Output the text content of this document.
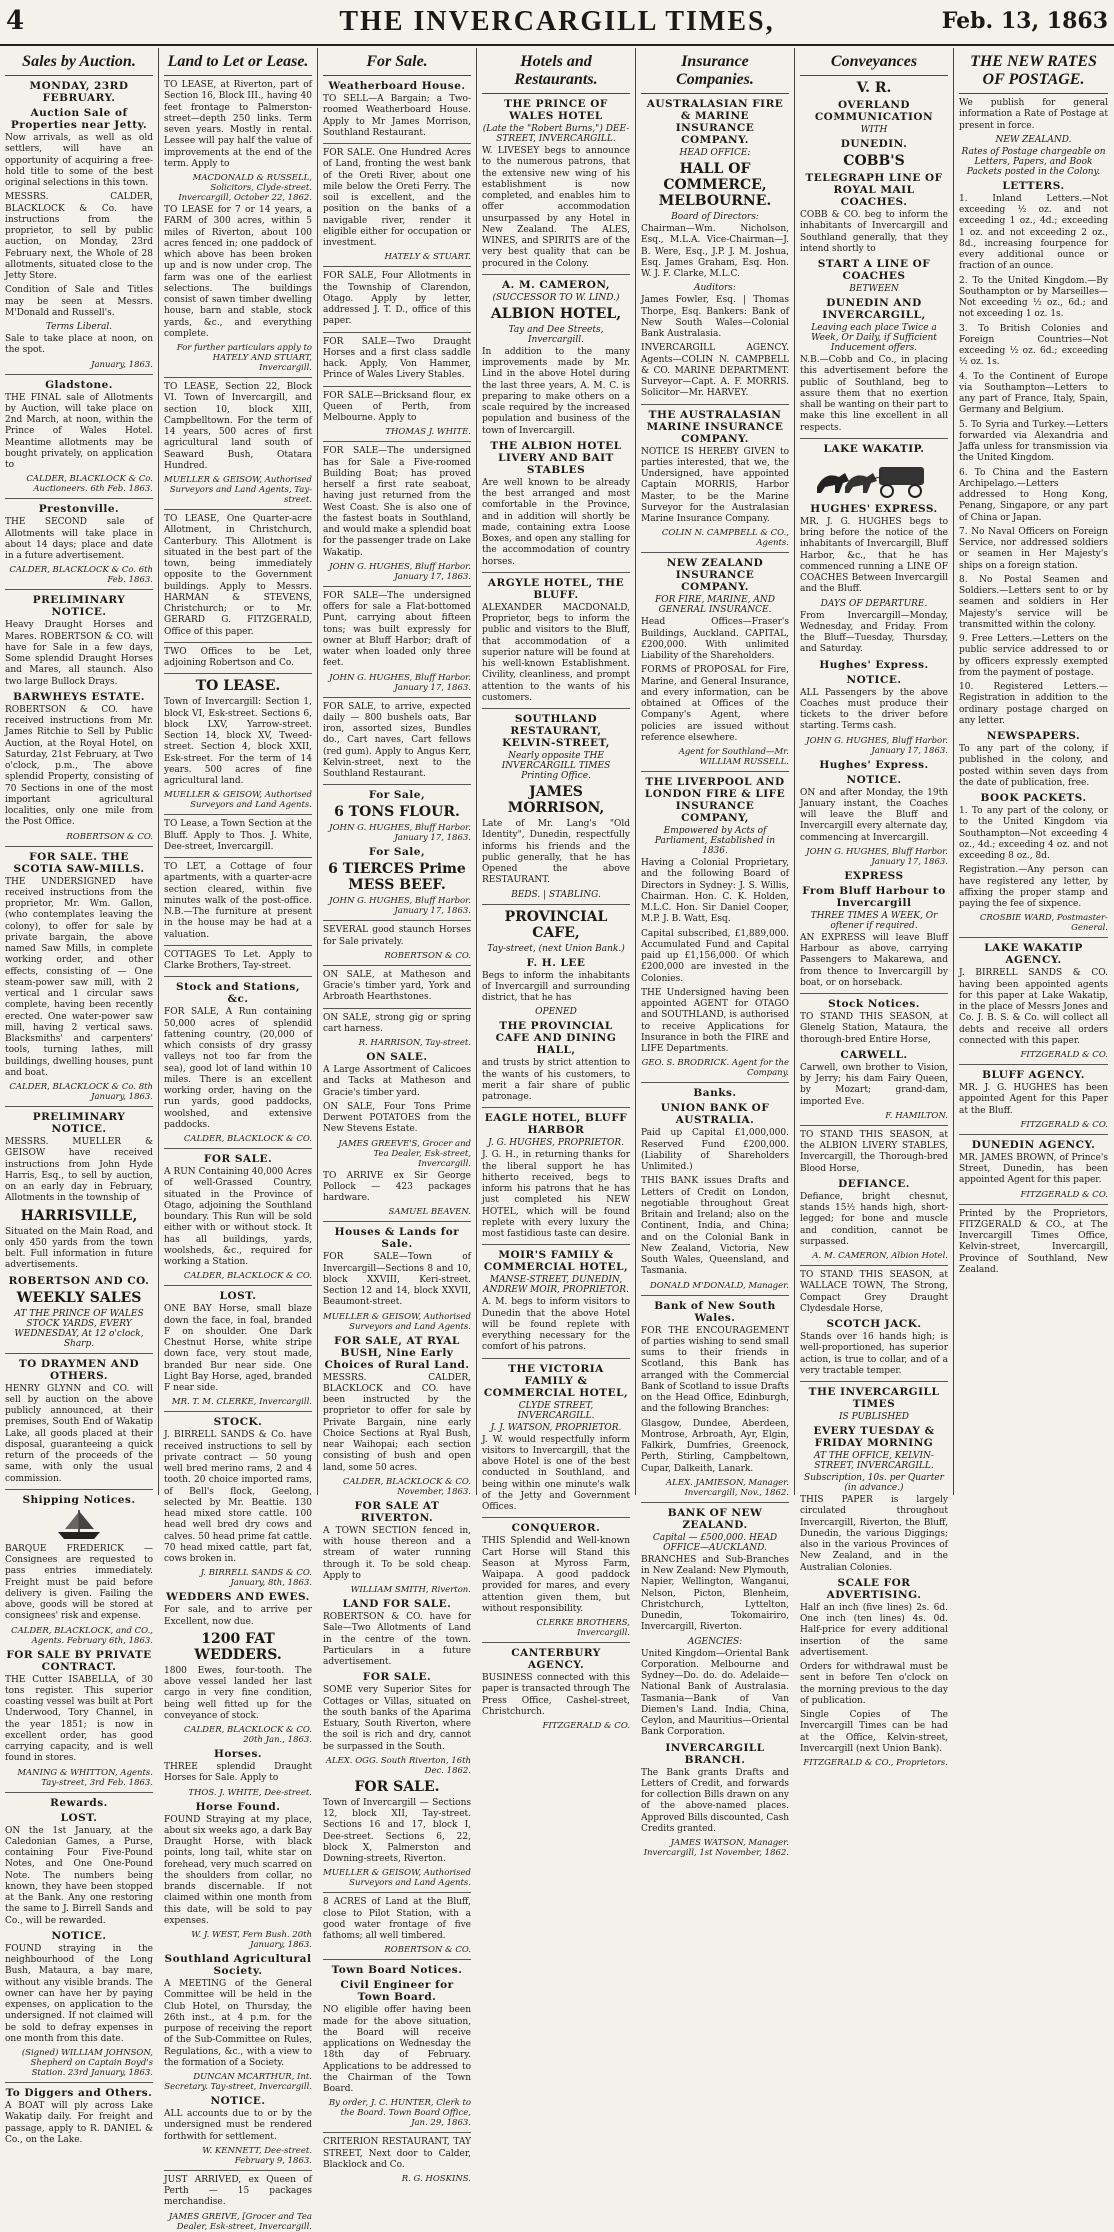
4	THE INVERCARGILL TIMES,	Feb. 13, 1863
Sales by Auction.
MONDAY, 23RD FEBRUARY.
Auction Sale of Properties near Jetty.
Now arrivals, as well as old settlers, will have an opportunity of acquiring a free-hold title to some of the best original selections in this town.
MESSRS. CALDER, BLACKLOCK & Co. have instructions from the proprietor, to sell by public auction, on Monday, 23rd February next, the Whole of 28 allotments, situated close to the Jetty Store.
Condition of Sale and Titles may be seen at Messrs. M'Donald and Russell's.
Terms Liberal.
Sale to take place at noon, on the spot.
January, 1863.
Gladstone.
THE FINAL sale of Allotments by Auction, will take place on 2nd March, at noon, within the Prince of Wales Hotel. Meantime allotments may be bought privately, on application to
CALDER, BLACKLOCK & Co. Auctioneers. 6th Feb. 1863.
Prestonville.
THE SECOND sale of Allotments will take place in about 14 days; place and date in a future advertisement.
CALDER, BLACKLOCK & Co. 6th Feb. 1863.
PRELIMINARY NOTICE.
Heavy Draught Horses and Mares. ROBERTSON & CO. will have for Sale in a few days, Some splendid Draught Horses and Mares, all staunch. Also two large Bullock Drays.
BARWHEYS ESTATE.
ROBERTSON & CO. have received instructions from Mr. James Ritchie to Sell by Public Auction, at the Royal Hotel, on Saturday, 21st February, at Two o'clock, p.m., The above splendid Property, consisting of 70 Sections in one of the most important agricultural localities, only one mile from the Post Office.
ROBERTSON & CO.
FOR SALE. THE SCOTIA SAW-MILLS.
THE UNDERSIGNED have received instructions from the proprietor, Mr. Wm. Gallon, (who contemplates leaving the colony), to offer for sale by private bargain, the above named Saw Mills, in complete working order, and other effects, consisting of — One steam-power saw mill, with 2 vertical and 1 circular saws complete, having been recently erected. One water-power saw mill, having 2 vertical saws. Blacksmiths' and carpenters' tools, turning lathes, mill buildings, dwelling houses, punt and boat.
CALDER, BLACKLOCK & Co. 8th January, 1863.
PRELIMINARY NOTICE.
MESSRS. MUELLER & GEISOW have received instructions from John Hyde Harris, Esq., to sell by auction, on an early day in February, Allotments in the township of
HARRISVILLE,
Situated on the Main Road, and only 450 yards from the town belt. Full information in future advertisements.
ROBERTSON AND CO.
WEEKLY SALES
AT THE PRINCE OF WALES STOCK YARDS, EVERY WEDNESDAY, At 12 o'clock, Sharp.
TO DRAYMEN AND OTHERS.
HENRY GLYNN and CO. will sell by auction on the above publicly announced, at their premises, South End of Wakatip Lake, all goods placed at their disposal, guaranteeing a quick return of the proceeds of the same, with only the usual commission.
Shipping Notices.
BARQUE FREDERICK — Consignees are requested to pass entries immediately. Freight must be paid before delivery is given. Failing the above, goods will be stored at consignees' risk and expense.
CALDER, BLACKLOCK, and CO., Agents. February 6th, 1863.
FOR SALE BY PRIVATE CONTRACT.
THE Cutter ISABELLA, of 30 tons register. This superior coasting vessel was built at Port Underwood, Tory Channel, in the year 1851; is now in excellent order, has good carrying capacity, and is well found in stores.
MANING & WHITTON, Agents. Tay-street, 3rd Feb. 1863.
Rewards.
LOST.
ON the 1st January, at the Caledonian Games, a Purse, containing Four Five-Pound Notes, and One One-Pound Note. The numbers being known, they have been stopped at the Bank. Any one restoring the same to J. Birrell Sands and Co., will be rewarded.
NOTICE.
FOUND straying in the neighbourhood of the Long Bush, Mataura, a bay mare, without any visible brands. The owner can have her by paying expenses, on application to the undersigned. If not claimed will be sold to defray expenses in one month from this date.
(Signed) WILLIAM JOHNSON, Shepherd on Captain Boyd's Station. 23rd January, 1863.
To Diggers and Others.
A BOAT will ply across Lake Wakatip daily. For freight and passage, apply to R. DANIEL & Co., on the Lake.
Land to Let or Lease.
TO LEASE, at Riverton, part of Section 16, Block III., having 40 feet frontage to Palmerston-street—depth 250 links. Term seven years. Mostly in rental. Lessee will pay half the value of improvements at the end of the term. Apply to
MACDONALD & RUSSELL, Solicitors, Clyde-street. Invercargill, October 22, 1862.
TO LEASE for 7 or 14 years, a FARM of 300 acres, within 5 miles of Riverton, about 100 acres fenced in; one paddock of which above has been broken up and is now under crop. The farm was one of the earliest selections. The buildings consist of sawn timber dwelling house, barn and stable, stock yards, &c., and everything complete.
For further particulars apply to HATELY AND STUART, Invercargill.
TO LEASE, Section 22, Block VI. Town of Invercargill, and section 10, block XIII, Campbelltown. For the term of 14 years, 500 acres of first agricultural land south of Seaward Bush, Otatara Hundred.
MUELLER & GEISOW, Authorised Surveyors and Land Agents, Tay-street.
TO LEASE, One Quarter-acre Allotment, in Christchurch, Canterbury. This Allotment is situated in the best part of the town, being immediately opposite to the Government buildings. Apply to Messrs. HARMAN & STEVENS, Christchurch; or to Mr. GERARD G. FITZGERALD, Office of this paper.
TWO Offices to be Let, adjoining Robertson and Co.
TO LEASE.
Town of Invercargill: Section 1, block VI, Esk-street. Sections 6, block LXV, Yarrow-street. Section 14, block XV, Tweed-street. Section 4, block XXII, Esk-street. For the term of 14 years. 500 acres of fine agricultural land.
MUELLER & GEISOW, Authorised Surveyors and Land Agents.
TO Lease, a Town Section at the Bluff. Apply to Thos. J. White, Dee-street, Invercargill.
TO LET, a Cottage of four apartments, with a quarter-acre section cleared, within five minutes walk of the post-office. N.B.—The furniture at present in the house may be had at a valuation.
COTTAGES To Let. Apply to Clarke Brothers, Tay-street.
Stock and Stations, &c.
FOR SALE, A Run containing 50,000 acres of splendid fattening country, (20,000 of which consists of dry grassy valleys not too far from the sea), good lot of land within 10 miles. There is an excellent working order, having on the run yards, good paddocks, woolshed, and extensive paddocks.
CALDER, BLACKLOCK & CO.
FOR SALE.
A RUN Containing 40,000 Acres of well-Grassed Country, situated in the Province of Otago, adjoining the Southland boundary. This Run will be sold either with or without stock. It has all buildings, yards, woolsheds, &c., required for working a Station.
CALDER, BLACKLOCK & CO.
LOST.
ONE BAY Horse, small blaze down the face, in foal, branded F on shoulder. One Dark Chestnut Horse, white stripe down face, very stout made, branded Bur near side. One Light Bay Horse, aged, branded F near side.
MR. T. M. CLERKE, Invercargill.
STOCK.
J. BIRRELL SANDS & Co. have received instructions to sell by private contract — 50 young well bred merino rams, 2 and 4 tooth. 20 choice imported rams, of Bell's flock, Geelong, selected by Mr. Beattie. 130 head mixed store cattle. 100 head well bred dry cows and calves. 50 head prime fat cattle. 70 head mixed cattle, part fat, cows broken in.
J. BIRRELL SANDS & CO. January, 8th, 1863.
WEDDERS AND EWES.
For sale, and to arrive per Excellent, now due.
1200 FAT WEDDERS.
1800 Ewes, four-tooth. The above vessel landed her last cargo in very fine condition, being well fitted up for the conveyance of stock.
CALDER, BLACKLOCK & CO. 20th Jan., 1863.
Horses.
THREE splendid Draught Horses for Sale. Apply to
THOS. J. WHITE, Dee-street.
Horse Found.
FOUND Straying at my place, about six weeks ago, a dark Bay Draught Horse, with black points, long tail, white star on forehead, very much scarred on the shoulders from collar, no brands discernable. If not claimed within one month from this date, will be sold to pay expenses.
W. J. WEST, Fern Bush. 20th January, 1863.
Southland Agricultural Society.
A MEETING of the General Committee will be held in the Club Hotel, on Thursday, the 26th inst., at 4 p.m. for the purpose of receiving the report of the Sub-Committee on Rules, Regulations, &c., with a view to the formation of a Society.
DUNCAN MCARTHUR, Int. Secretary. Tay-street, Invercargill.
NOTICE.
ALL accounts due to or by the undersigned must be rendered forthwith for settlement.
W. KENNETT, Dee-street. February 9, 1863.
JUST ARRIVED, ex Queen of Perth — 15 packages merchandise.
JAMES GREIVE, [Grocer and Tea Dealer, Esk-street, Invercargill.
For Sale.
Weatherboard House.
TO SELL—A Bargain; a Two-roomed Weatherboard House. Apply to Mr James Morrison, Southland Restaurant.
FOR SALE. One Hundred Acres of Land, fronting the west bank of the Oreti River, about one mile below the Oreti Ferry. The soil is excellent, and the position on the banks of a navigable river, render it eligible either for occupation or investment.
HATELY & STUART.
FOR SALE, Four Allotments in the Township of Clarendon, Otago. Apply by letter, addressed J. T. D., office of this paper.
FOR SALE—Two Draught Horses and a first class saddle hack. Apply, Von Hammer, Prince of Wales Livery Stables.
FOR SALE—Bricksand flour, ex Queen of Perth, from Melbourne. Apply to
THOMAS J. WHITE.
FOR SALE—The undersigned has for Sale a Five-roomed Building Boat; has proved herself a first rate seaboat, having just returned from the West Coast. She is also one of the fastest boats in Southland, and would make a splendid boat for the passenger trade on Lake Wakatip.
JOHN G. HUGHES, Bluff Harbor. January 17, 1863.
FOR SALE—The undersigned offers for sale a Flat-bottomed Punt, carrying about fifteen tons; was built expressly for owner at Bluff Harbor; draft of water when loaded only three feet.
JOHN G. HUGHES, Bluff Harbor. January 17, 1863.
FOR SALE, to arrive, expected daily — 800 bushels oats, Bar iron, assorted sizes, Bundles do., Cart naves, Cart fellows (red gum). Apply to Angus Kerr, Kelvin-street, next to the Southland Restaurant.
For Sale,
6 TONS FLOUR.
JOHN G. HUGHES, Bluff Harbor. January 17, 1863.
For Sale,
6 TIERCES Prime MESS BEEF.
JOHN G. HUGHES, Bluff Harbor. January 17, 1863.
SEVERAL good staunch Horses for Sale privately.
ROBERTSON & CO.
ON SALE, at Matheson and Gracie's timber yard, York and Arbroath Hearthstones.
ON SALE, strong gig or spring cart harness.
R. HARRISON, Tay-street.
ON SALE.
A Large Assortment of Calicoes and Tacks at Matheson and Gracie's timber yard.
ON SALE, Four Tons Prime Derwent POTATOES from the New Stevens Estate.
JAMES GREEVE'S, Grocer and Tea Dealer, Esk-street, Invercargill.
TO ARRIVE ex Sir George Pollock — 423 packages hardware.
SAMUEL BEAVEN.
Houses & Lands for Sale.
FOR SALE—Town of Invercargill—Sections 8 and 10, block XXVIII, Keri-street. Section 12 and 14, block XXVII, Beaumont-street.
MUELLER & GEISOW, Authorised Surveyors and Land Agents.
FOR SALE, AT RYAL BUSH, Nine Early Choices of Rural Land.
MESSRS. CALDER, BLACKLOCK and CO. have been instructed by the proprietor to offer for sale by Private Bargain, nine early Choice Sections at Ryal Bush, near Waihopai; each section consisting of bush and open land, some 50 acres.
CALDER, BLACKLOCK & CO. November, 1863.
FOR SALE AT RIVERTON.
A TOWN SECTION fenced in, with house thereon and a stream of water running through it. To be sold cheap. Apply to
WILLIAM SMITH, Riverton.
LAND FOR SALE.
ROBERTSON & CO. have for Sale—Two Allotments of Land in the centre of the town. Particulars in a future advertisement.
FOR SALE.
SOME very Superior Sites for Cottages or Villas, situated on the south banks of the Aparima Estuary, South Riverton, where the soil is rich and dry, cannot be surpassed in the South.
ALEX. OGG. South Riverton, 16th Dec. 1862.
FOR SALE.
Town of Invercargill — Sections 12, block XII, Tay-street. Sections 16 and 17, block I, Dee-street. Sections 6, 22, block X, Palmerston and Downing-streets, Riverton.
MUELLER & GEISOW, Authorised Surveyors and Land Agents.
8 ACRES of Land at the Bluff, close to Pilot Station, with a good water frontage of five fathoms; all well timbered.
ROBERTSON & CO.
Town Board Notices.
Civil Engineer for Town Board.
NO eligible offer having been made for the above situation, the Board will receive applications on Wednesday the 18th day of February. Applications to be addressed to the Chairman of the Town Board.
By order, J. C. HUNTER, Clerk to the Board. Town Board Office, Jan. 29, 1863.
CRITERION RESTAURANT, TAY STREET, Next door to Calder, Blacklock and Co.
R. G. HOSKINS.
Hotels and Restaurants.
THE PRINCE OF WALES HOTEL
(Late the "Robert Burns,") DEE-STREET, INVERCARGILL.
W. LIVESEY begs to announce to the numerous patrons, that the extensive new wing of his establishment is now completed, and enables him to offer accommodation unsurpassed by any Hotel in New Zealand. The ALES, WINES, and SPIRITS are of the very best quality that can be procured in the Colony.
A. M. CAMERON,
(SUCCESSOR TO W. LIND.)
ALBION HOTEL,
Tay and Dee Streets, Invercargill.
In addition to the many improvements made by Mr. Lind in the above Hotel during the last three years, A. M. C. is preparing to make others on a scale required by the increased population and business of the town of Invercargill.
THE ALBION HOTEL LIVERY AND BAIT STABLES
Are well known to be already the best arranged and most comfortable in the Province, and in addition will shortly be made, containing extra Loose Boxes, and open any stalling for the accommodation of country horses.
ARGYLE HOTEL, THE BLUFF.
ALEXANDER MACDONALD, Proprietor, begs to inform the public and visitors to the Bluff, that accommodation of a superior nature will be found at his well-known Establishment. Civility, cleanliness, and prompt attention to the wants of his customers.
SOUTHLAND RESTAURANT, KELVIN-STREET,
Nearly opposite THE INVERCARGILL TIMES Printing Office.
JAMES MORRISON,
Late of Mr. Lang's "Old Identity", Dunedin, respectfully informs his friends and the public generally, that he has Opened the above RESTAURANT.
BEDS. | STABLING.
PROVINCIAL CAFE,
Tay-street, (next Union Bank.)
F. H. LEE
Begs to inform the inhabitants of Invercargill and surrounding district, that he has
OPENED
THE PROVINCIAL CAFE AND DINING HALL,
and trusts by strict attention to the wants of his customers, to merit a fair share of public patronage.
EAGLE HOTEL, BLUFF HARBOR
J. G. HUGHES, PROPRIETOR.
J. G. H., in returning thanks for the liberal support he has hitherto received, begs to inform his patrons that he has just completed his NEW HOTEL, which will be found replete with every luxury the most fastidious taste can desire.
MOIR'S FAMILY & COMMERCIAL HOTEL,
MANSE-STREET, DUNEDIN, ANDREW MOIR, PROPRIETOR.
A. M. begs to inform visitors to Dunedin that the above Hotel will be found replete with everything necessary for the comfort of his patrons.
THE VICTORIA FAMILY & COMMERCIAL HOTEL,
CLYDE STREET, INVERCARGILL.
J. J. WATSON, PROPRIETOR.
J. W. would respectfully inform visitors to Invercargill, that the above Hotel is one of the best conducted in Southland, and being within one minute's walk of the Jetty and Government Offices.
CONQUEROR.
THIS Splendid and Well-known Cart Horse will Stand this Season at Myross Farm, Waipapa. A good paddock provided for mares, and every attention given them, but without responsibility.
CLERKE BROTHERS, Invercargill.
CANTERBURY AGENCY.
BUSINESS connected with this paper is transacted through The Press Office, Cashel-street, Christchurch.
FITZGERALD & CO.
Insurance Companies.
AUSTRALASIAN FIRE & MARINE INSURANCE COMPANY.
HEAD OFFICE:
HALL OF COMMERCE, MELBOURNE.
Board of Directors:
Chairman—Wm. Nicholson, Esq., M.L.A. Vice-Chairman—J. B. Were, Esq., J.P. J. M. Joshua, Esq. James Graham, Esq. Hon. W. J. F. Clarke, M.L.C.
Auditors:
James Fowler, Esq. | Thomas Thorpe, Esq. Bankers: Bank of New South Wales—Colonial Bank Australasia.
INVERCARGILL AGENCY. Agents—COLIN N. CAMPBELL & CO. MARINE DEPARTMENT. Surveyor—Capt. A. F. MORRIS. Solicitor—Mr. HARVEY.
THE AUSTRALASIAN MARINE INSURANCE COMPANY.
NOTICE IS HEREBY GIVEN to parties interested, that we, the Undersigned, have appointed Captain MORRIS, Harbor Master, to be the Marine Surveyor for the Australasian Marine Insurance Company.
COLIN N. CAMPBELL & CO., Agents.
NEW ZEALAND INSURANCE COMPANY.
FOR FIRE, MARINE, AND GENERAL INSURANCE.
Head Offices—Fraser's Buildings, Auckland. CAPITAL, £200,000. With unlimited Liability of the Shareholders.
FORMS of PROPOSAL for Fire, Marine, and General Insurance, and every information, can be obtained at Offices of the Company's Agent, where policies are issued without reference elsewhere.
Agent for Southland—Mr. WILLIAM RUSSELL.
THE LIVERPOOL AND LONDON FIRE & LIFE INSURANCE COMPANY,
Empowered by Acts of Parliament, Established in 1836.
Having a Colonial Proprietary, and the following Board of Directors in Sydney: J. S. Willis, Chairman. Hon. C. K. Holden, M.L.C. Hon. Sir Daniel Cooper, M.P. J. B. Watt, Esq.
Capital subscribed, £1,889,000. Accumulated Fund and Capital paid up £1,156,000. Of which £200,000 are invested in the Colonies.
THE Undersigned having been appointed AGENT for OTAGO and SOUTHLAND, is authorised to receive Applications for Insurance in both the FIRE and LIFE Departments.
GEO. S. BRODRICK. Agent for the Company.
Banks.
UNION BANK OF AUSTRALIA.
Paid up Capital £1,000,000. Reserved Fund £200,000. (Liability of Shareholders Unlimited.)
THIS BANK issues Drafts and Letters of Credit on London, negotiable throughout Great Britain and Ireland; also on the Continent, India, and China; and on the Colonial Bank in New Zealand, Victoria, New South Wales, Queensland, and Tasmania.
DONALD M'DONALD, Manager.
Bank of New South Wales.
FOR THE ENCOURAGEMENT of parties wishing to send small sums to their friends in Scotland, this Bank has arranged with the Commercial Bank of Scotland to issue Drafts on the Head Office, Edinburgh, and the following Branches:
Glasgow, Dundee, Aberdeen, Montrose, Arbroath, Ayr, Elgin, Falkirk, Dumfries, Greenock, Perth, Stirling, Campbeltown, Cupar, Dalkeith, Lanark.
ALEX. JAMIESON, Manager. Invercargill, Nov., 1862.
BANK OF NEW ZEALAND.
Capital — £500,000. HEAD OFFICE—AUCKLAND.
BRANCHES and Sub-Branches in New Zealand: New Plymouth, Napier, Wellington, Wanganui, Nelson, Picton, Blenheim, Christchurch, Lyttelton, Dunedin, Tokomairiro, Invercargill, Riverton.
AGENCIES:
United Kingdom—Oriental Bank Corporation. Melbourne and Sydney—Do. do. do. Adelaide—National Bank of Australasia. Tasmania—Bank of Van Diemen's Land. India, China, Ceylon, and Mauritius—Oriental Bank Corporation.
INVERCARGILL BRANCH.
The Bank grants Drafts and Letters of Credit, and forwards for collection Bills drawn on any of the above-named places. Approved Bills discounted, Cash Credits granted.
JAMES WATSON, Manager. Invercargill, 1st November, 1862.
Conveyances
V. R.
OVERLAND COMMUNICATION
WITH
DUNEDIN.
COBB'S
TELEGRAPH LINE OF ROYAL MAIL COACHES.
COBB & CO. beg to inform the inhabitants of Invercargill and Southland generally, that they intend shortly to
START A LINE OF COACHES
BETWEEN
DUNEDIN AND INVERCARGILL,
Leaving each place Twice a Week, Or Daily, if Sufficient Inducement offers.
N.B.—Cobb and Co., in placing this advertisement before the public of Southland, beg to assure them that no exertion shall be wanting on their part to make this line excellent in all respects.
LAKE WAKATIP.
HUGHES' EXPRESS.
MR. J. G. HUGHES begs to bring before the notice of the inhabitants of Invercargill, Bluff Harbor, &c., that he has commenced running a LINE OF COACHES Between Invercargill and the Bluff.
DAYS OF DEPARTURE.
From Invercargill—Monday, Wednesday, and Friday. From the Bluff—Tuesday, Thursday, and Saturday.
Hughes' Express.
NOTICE.
ALL Passengers by the above Coaches must produce their tickets to the driver before starting. Terms cash.
JOHN G. HUGHES, Bluff Harbor. January 17, 1863.
Hughes' Express.
NOTICE.
ON and after Monday, the 19th January instant, the Coaches will leave the Bluff and Invercargill every alternate day, commencing at Invercargill.
JOHN G. HUGHES, Bluff Harbor. January 17, 1863.
EXPRESS
From Bluff Harbour to Invercargill
THREE TIMES A WEEK, Or oftener if required.
AN EXPRESS will leave Bluff Harbour as above, carrying Passengers to Makarewa, and from thence to Invercargill by boat, or on horseback.
Stock Notices.
TO STAND THIS SEASON, at Glenelg Station, Mataura, the thorough-bred Entire Horse,
CARWELL.
Carwell, own brother to Vision, by Jerry; his dam Fairy Queen, by Mozart; grand-dam, imported Eve.
F. HAMILTON.
TO STAND THIS SEASON, at the ALBION LIVERY STABLES, Invercargill, the Thorough-bred Blood Horse,
DEFIANCE.
Defiance, bright chesnut, stands 15½ hands high, short-legged; for bone and muscle and condition, cannot be surpassed.
A. M. CAMERON, Albion Hotel.
TO STAND THIS SEASON, at WALLACE TOWN, The Strong, Compact Grey Draught Clydesdale Horse,
SCOTCH JACK.
Stands over 16 hands high; is well-proportioned, has superior action, is true to collar, and of a very tractable temper.
THE INVERCARGILL TIMES
IS PUBLISHED
EVERY TUESDAY & FRIDAY MORNING
AT THE OFFICE, KELVIN-STREET, INVERCARGILL.
Subscription, 10s. per Quarter (in advance.)
THIS PAPER is largely circulated throughout Invercargill, Riverton, the Bluff, Dunedin, the various Diggings; also in the various Provinces of New Zealand, and in the Australian Colonies.
SCALE FOR ADVERTISING.
Half an inch (five lines) 2s. 6d. One inch (ten lines) 4s. 0d. Half-price for every additional insertion of the same advertisement.
Orders for withdrawal must be sent in before Ten o'clock on the morning previous to the day of publication.
Single Copies of The Invercargill Times can be had at the Office, Kelvin-street, Invercargill (next Union Bank).
FITZGERALD & CO., Proprietors.
THE NEW RATES OF POSTAGE.
We publish for general information a Rate of Postage at present in force.
NEW ZEALAND.
Rates of Postage chargeable on Letters, Papers, and Book Packets posted in the Colony.
LETTERS.
1. Inland Letters.—Not exceeding ½ oz. and not exceeding 1 oz., 4d.; exceeding 1 oz. and not exceeding 2 oz., 8d., increasing fourpence for every additional ounce or fraction of an ounce.
2. To the United Kingdom.—By Southampton or by Marseilles—Not exceeding ½ oz., 6d.; and not exceeding 1 oz. 1s.
3. To British Colonies and Foreign Countries—Not exceeding ½ oz. 6d.; exceeding ½ oz. 1s.
4. To the Continent of Europe via Southampton—Letters to any part of France, Italy, Spain, Germany and Belgium.
5. To Syria and Turkey.—Letters forwarded via Alexandria and Jaffa unless for transmission via the United Kingdom.
6. To China and the Eastern Archipelago.—Letters addressed to Hong Kong, Penang, Singapore, or any part of China or Japan.
7. No Naval Officers on Foreign Service, nor addressed soldiers or seamen in Her Majesty's ships on a foreign station.
8. No Postal Seamen and Soldiers.—Letters sent to or by seamen and soldiers in Her Majesty's service will be transmitted within the colony.
9. Free Letters.—Letters on the public service addressed to or by officers expressly exempted from the payment of postage.
10. Registered Letters.—Registration in addition to the ordinary postage charged on any letter.
NEWSPAPERS.
To any part of the colony, if published in the colony, and posted within seven days from the date of publication, free.
BOOK PACKETS.
1. To any part of the colony, or to the United Kingdom via Southampton—Not exceeding 4 oz., 4d.; exceeding 4 oz. and not exceeding 8 oz., 8d.
Registration.—Any person can have registered any letter, by affixing the proper stamp and paying the fee of sixpence.
CROSBIE WARD, Postmaster-General.
LAKE WAKATIP AGENCY.
J. BIRRELL SANDS & CO. having been appointed agents for this paper at Lake Wakatip, in the place of Messrs Jones and Co. J. B. S. & Co. will collect all debts and receive all orders connected with this paper.
FITZGERALD & CO.
BLUFF AGENCY.
MR. J. G. HUGHES has been appointed Agent for this Paper at the Bluff.
FITZGERALD & CO.
DUNEDIN AGENCY.
MR. JAMES BROWN, of Prince's Street, Dunedin, has been appointed Agent for this paper.
FITZGERALD & CO.
Printed by the Proprietors, FITZGERALD & CO., at The Invercargill Times Office, Kelvin-street, Invercargill, Province of Southland, New Zealand.
